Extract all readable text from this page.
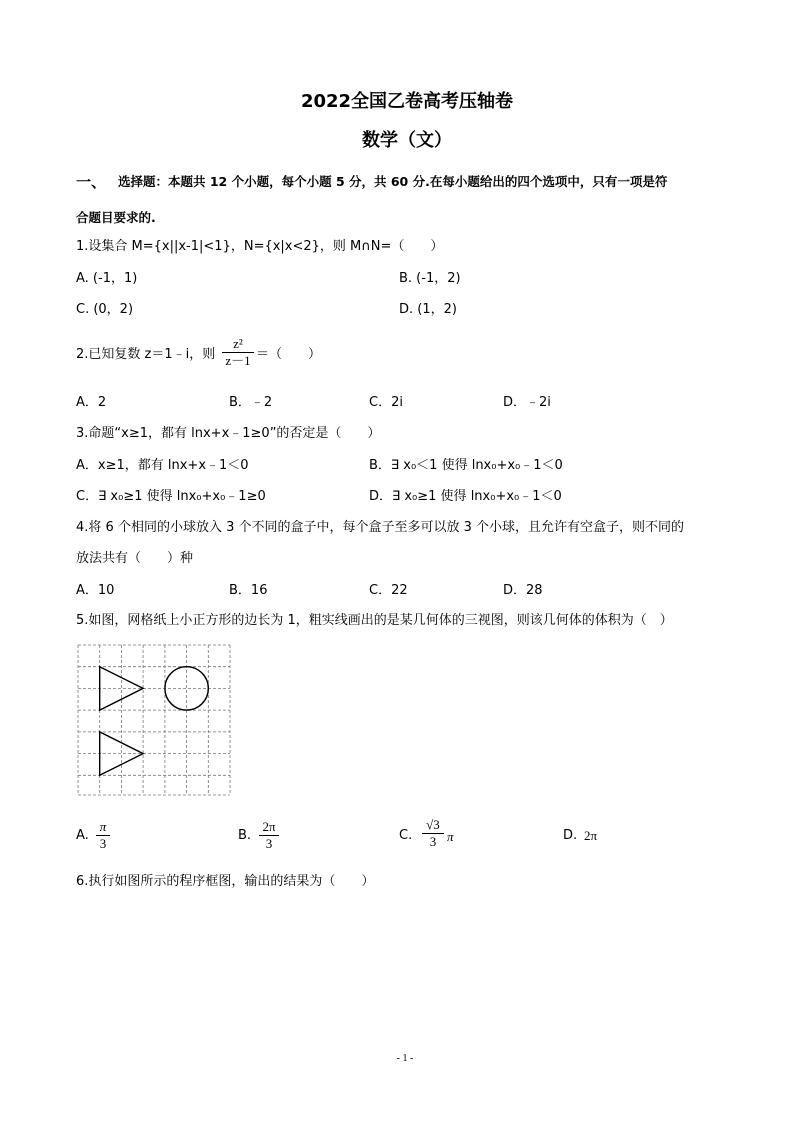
2022全国乙卷高考压轴卷
数学（文）
一、 选择题：本题共 12 个小题，每个小题 5 分，共 60 分.在每小题给出的四个选项中，只有一项是符
合题目要求的.
1.设集合 M={x||x-1|<1}，N={x|x<2}，则 M∩N=（　　）
A. (-1，1)	B. (-1，2)
C. (0，2)	D. (1，2)
2.已知复数 z＝1﹣i，则
z²
z－1 ＝（　　）
A．2	B．﹣2	C．2i	D．﹣2i
3.命题“x≥1，都有 lnx+x﹣1≥0”的否定是（　　）
A．x≥1，都有 lnx+x﹣1＜0	B．∃ x₀＜1 使得 lnx₀+x₀﹣1＜0
C．∃ x₀≥1 使得 lnx₀+x₀﹣1≥0	D．∃ x₀≥1 使得 lnx₀+x₀﹣1＜0
4.将 6 个相同的小球放入 3 个不同的盒子中，每个盒子至多可以放 3 个小球，且允许有空盒子，则不同的
放法共有（　　）种
A．10	B．16	C．22	D．28
5.如图，网格纸上小正方形的边长为 1，粗实线画出的是某几何体的三视图，则该几何体的体积为（　）
A.
π
3
B.
2π
3
C.
√3
3 π	D. 2π
6.执行如图所示的程序框图，输出的结果为（　　）
- 1 -
